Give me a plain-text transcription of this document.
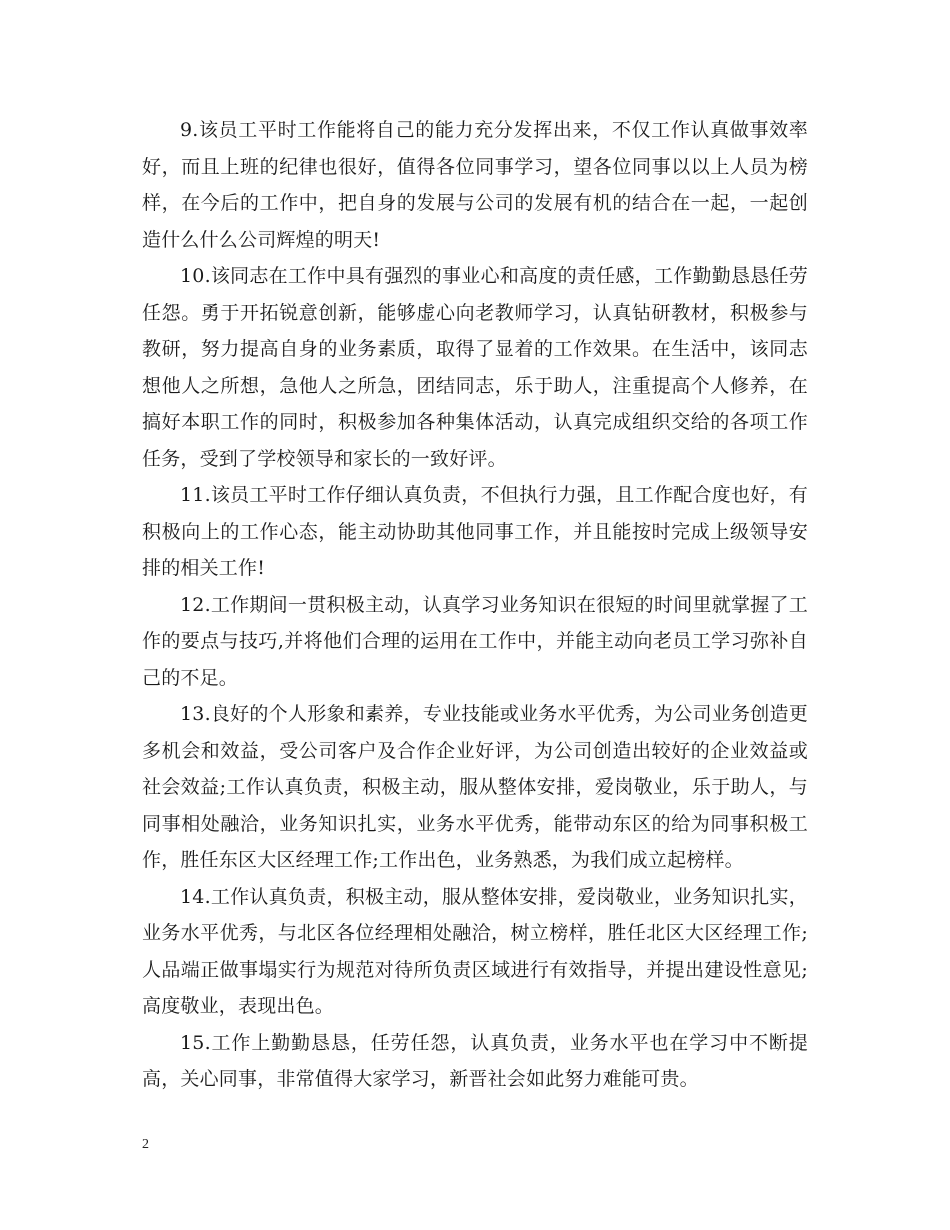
9.该员工平时工作能将自己的能力充分发挥出来，不仅工作认真做事效率好，而且上班的纪律也很好，值得各位同事学习，望各位同事以以上人员为榜样，在今后的工作中，把自身的发展与公司的发展有机的结合在一起，一起创造什么什么公司辉煌的明天!

10.该同志在工作中具有强烈的事业心和高度的责任感，工作勤勤恳恳任劳任怨。勇于开拓锐意创新，能够虚心向老教师学习，认真钻研教材，积极参与教研，努力提高自身的业务素质，取得了显着的工作效果。在生活中，该同志想他人之所想，急他人之所急，团结同志，乐于助人，注重提高个人修养，在搞好本职工作的同时，积极参加各种集体活动，认真完成组织交给的各项工作任务，受到了学校领导和家长的一致好评。

11.该员工平时工作仔细认真负责，不但执行力强，且工作配合度也好，有积极向上的工作心态，能主动协助其他同事工作，并且能按时完成上级领导安排的相关工作!

12.工作期间一贯积极主动，认真学习业务知识在很短的时间里就掌握了工作的要点与技巧,并将他们合理的运用在工作中，并能主动向老员工学习弥补自己的不足。

13.良好的个人形象和素养，专业技能或业务水平优秀，为公司业务创造更多机会和效益，受公司客户及合作企业好评，为公司创造出较好的企业效益或社会效益;工作认真负责，积极主动，服从整体安排，爱岗敬业，乐于助人，与同事相处融洽，业务知识扎实，业务水平优秀，能带动东区的给为同事积极工作，胜任东区大区经理工作;工作出色，业务熟悉，为我们成立起榜样。

14.工作认真负责，积极主动，服从整体安排，爱岗敬业，业务知识扎实，业务水平优秀，与北区各位经理相处融洽，树立榜样，胜任北区大区经理工作;人品端正做事塌实行为规范对待所负责区域进行有效指导，并提出建设性意见;高度敬业，表现出色。

15.工作上勤勤恳恳，任劳任怨，认真负责，业务水平也在学习中不断提高，关心同事，非常值得大家学习，新晋社会如此努力难能可贵。

2
